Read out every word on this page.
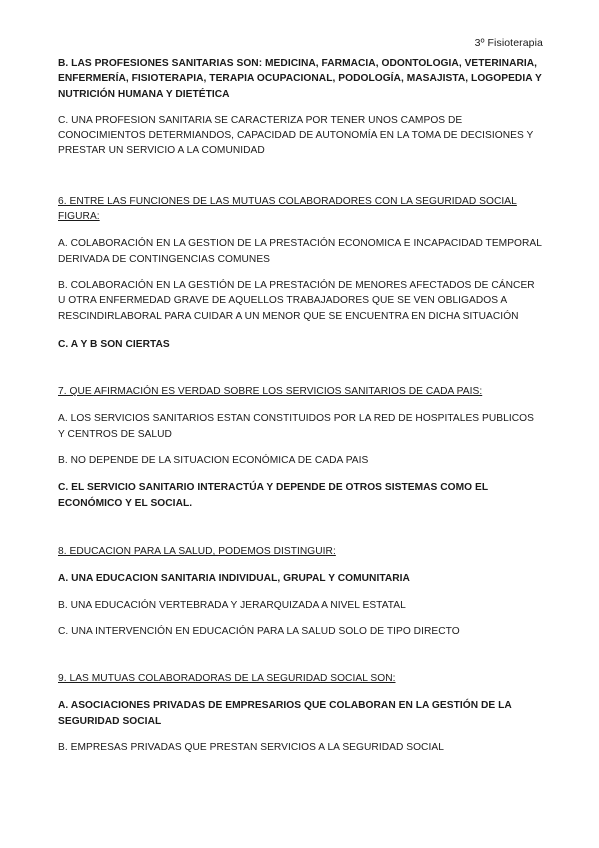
3º Fisioterapia

B. LAS PROFESIONES SANITARIAS SON: MEDICINA, FARMACIA, ODONTOLOGIA, VETERINARIA, ENFERMERÍA, FISIOTERAPIA, TERAPIA OCUPACIONAL, PODOLOGÍA, MASAJISTA, LOGOPEDIA Y NUTRICIÓN HUMANA Y DIETÉTICA

C. UNA PROFESION SANITARIA SE CARACTERIZA POR TENER UNOS CAMPOS DE CONOCIMIENTOS DETERMIANDOS, CAPACIDAD DE AUTONOMÍA EN LA TOMA DE DECISIONES Y PRESTAR UN SERVICIO A LA COMUNIDAD

6. ENTRE LAS FUNCIONES DE LAS MUTUAS COLABORADORES CON LA SEGURIDAD SOCIAL FIGURA:

A. COLABORACIÓN EN LA GESTION DE LA PRESTACIÓN ECONOMICA E INCAPACIDAD TEMPORAL DERIVADA DE CONTINGENCIAS COMUNES

B. COLABORACIÓN EN LA GESTIÓN DE LA PRESTACIÓN DE MENORES AFECTADOS DE CÁNCER U OTRA ENFERMEDAD GRAVE DE AQUELLOS TRABAJADORES QUE SE VEN OBLIGADOS A RESCINDIRLABORAL PARA CUIDAR A UN MENOR QUE SE ENCUENTRA EN DICHA SITUACIÓN

C. A Y B SON CIERTAS

7. QUE AFIRMACIÓN ES VERDAD SOBRE LOS SERVICIOS SANITARIOS DE CADA PAIS:

A. LOS SERVICIOS SANITARIOS ESTAN CONSTITUIDOS POR LA RED DE HOSPITALES PUBLICOS Y CENTROS DE SALUD

B. NO DEPENDE DE LA SITUACION ECONÓMICA DE CADA PAIS

C. EL SERVICIO SANITARIO INTERACTÚA Y DEPENDE DE OTROS SISTEMAS COMO EL ECONÓMICO Y EL SOCIAL.

8. EDUCACION PARA LA SALUD, PODEMOS DISTINGUIR:

A. UNA EDUCACION SANITARIA INDIVIDUAL, GRUPAL Y COMUNITARIA

B. UNA EDUCACIÓN VERTEBRADA Y JERARQUIZADA A NIVEL ESTATAL

C. UNA INTERVENCIÓN EN EDUCACIÓN PARA LA SALUD SOLO DE TIPO DIRECTO

9. LAS MUTUAS COLABORADORAS DE LA SEGURIDAD SOCIAL SON:

A. ASOCIACIONES PRIVADAS DE EMPRESARIOS QUE COLABORAN EN LA GESTIÓN DE LA SEGURIDAD SOCIAL

B. EMPRESAS PRIVADAS QUE PRESTAN SERVICIOS A LA SEGURIDAD SOCIAL
